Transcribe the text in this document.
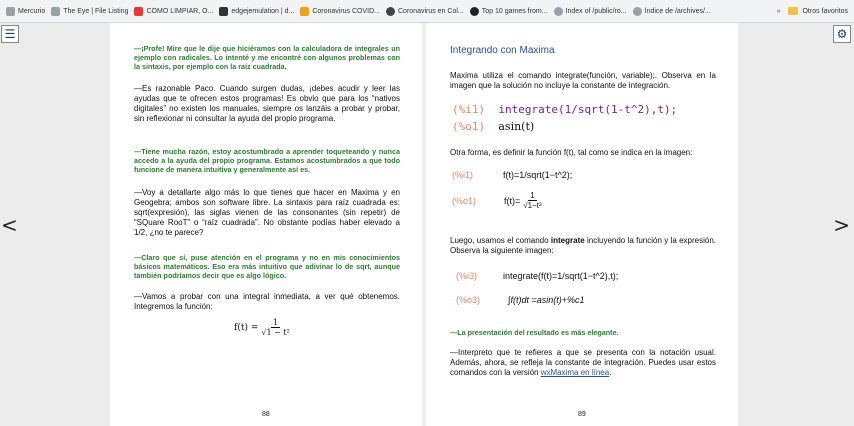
Mercurio	The Eye | File Listing	CÓMO LIMPIAR, O...	edgejemulation | d...	Coronavirus COVID...	Coronavirus en Col...	Top 10 games from...	Index of /public/ro...	Índice de /archives/...	»	Otros favoritos
☰	⚙
<	>
—¡Profe! Mire que le dije que hiciéramos con la calculadora de integrales un ejemplo con radicales. Lo intenté y me encontré con algunos problemas con la sintaxis, por ejemplo con la raíz cuadrada.
—Es razonable Paco. Cuando surgen dudas, ¡debes acudir y leer las ayudas que te ofrecen estos programas! Es obvio que para los “nativos digitales” no existen los manuales, siempre os lanzáis a probar y probar, sin reflexionar ni consultar la ayuda del propio programa.
—Tiene mucha razón, estoy acostumbrado a aprender toqueteando y nunca accedo a la ayuda del propio programa. Estamos acostumbrados a que todo funcione de manera intuitiva y generalmente así es.
—Voy a detallarte algo más lo que tienes que hacer en Maxima y en Geogebra; ambos son software libre. La sintaxis para raíz cuadrada es: sqrt(expresión), las siglas vienen de las consonantes (sin repetir) de “SQuare RooT” o “raíz cuadrada”. No obstante podías haber elevado a 1/2, ¿no te parece?
—Claro que sí, puse atención en el programa y no en mis conocimientos básicos matemáticos. Eso era más intuitivo que adivinar lo de sqrt, aunque también podríamos decir que es algo lógico.
—Vamos a probar con una integral inmediata, a ver qué obtenemos. Integremos la función:
$f(t) = \frac{1}{\text{√1 − t²}}$
88
Integrando con Maxima
Maxima utiliza el comando integrate(función, variable);. Observa en la imagen que la solución no incluye la constante de integración.
(%i1) integrate(1/sqrt(1-t^2),t);
(%o1) asin(t)
Otra forma, es definir la función f(t), tal como se indica en la imagen:
(%i1)	f(t)=1/sqrt(1−t^2);
(%o1)	$f(t)= \frac{1}{\text{√1−t²}}$
Luego, usamos el comando integrate incluyendo la función y la expresión. Observa la siguiente imagen:
(%i3)	integrate(f(t)=1/sqrt(1−t^2),t);
(%o3)	∫f(t)dt =asin(t)+%c1
—La presentación del resultado es más elegante.
—Interpreto que te refieres a que se presenta con la notación usual. Además, ahora, se refleja la constante de integración. Puedes usar estos comandos con la versión wxMaxima en línea.
89
